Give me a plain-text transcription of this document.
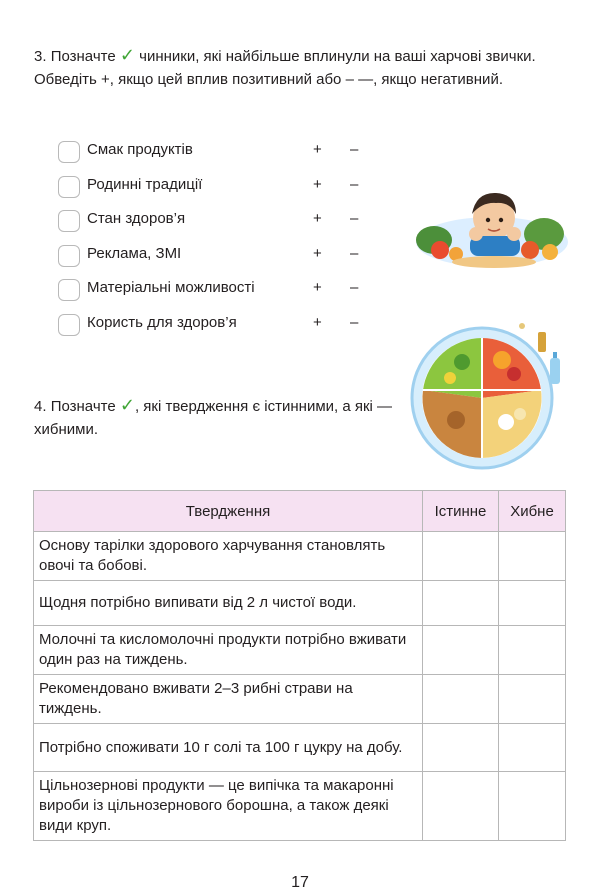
3. Позначте ✓ чинники, які найбільше вплинули на ваші харчові звички. Обведіть +, якщо цей вплив позитивний або – —, якщо негативний.
Смак продуктів	+ –
Родинні традиції	+ –
Стан здоров’я	+ –
Реклама, ЗМІ	+ –
Матеріальні можливості	+ –
Користь для здоров’я	+ –
4. Позначте ✓, які твердження є істинними, а які — хибними.
Твердження	Істинне	Хибне
Основу тарілки здорового харчування становлять овочі та бобові.		
Щодня потрібно випивати від 2 л чистої води.		
Молочні та кисломолочні продукти потрібно вживати один раз на тиждень.		
Рекомендовано вживати 2–3 рибні страви на тиждень.		
Потрібно споживати 10 г солі та 100 г цукру на добу.		
Цільнозернові продукти — це випічка та макаронні вироби із цільнозернового борошна, а також деякі види круп.		
17
